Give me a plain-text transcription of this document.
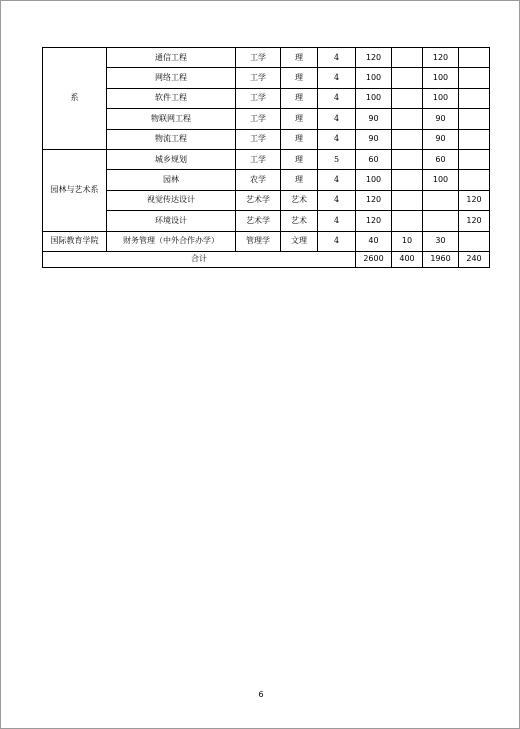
系	通信工程	工学	理	4	120		120	
	网络工程	工学	理	4	100		100	
	软件工程	工学	理	4	100		100	
	物联网工程	工学	理	4	90		90	
	物流工程	工学	理	4	90		90	
园林与艺术系	城乡规划	工学	理	5	60		60	
	园林	农学	理	4	100		100	
	视觉传达设计	艺术学	艺术	4	120			120
	环境设计	艺术学	艺术	4	120			120
国际教育学院	财务管理（中外合作办学）	管理学	文理	4	40	10	30	
合计					2600	400	1960	240
6
